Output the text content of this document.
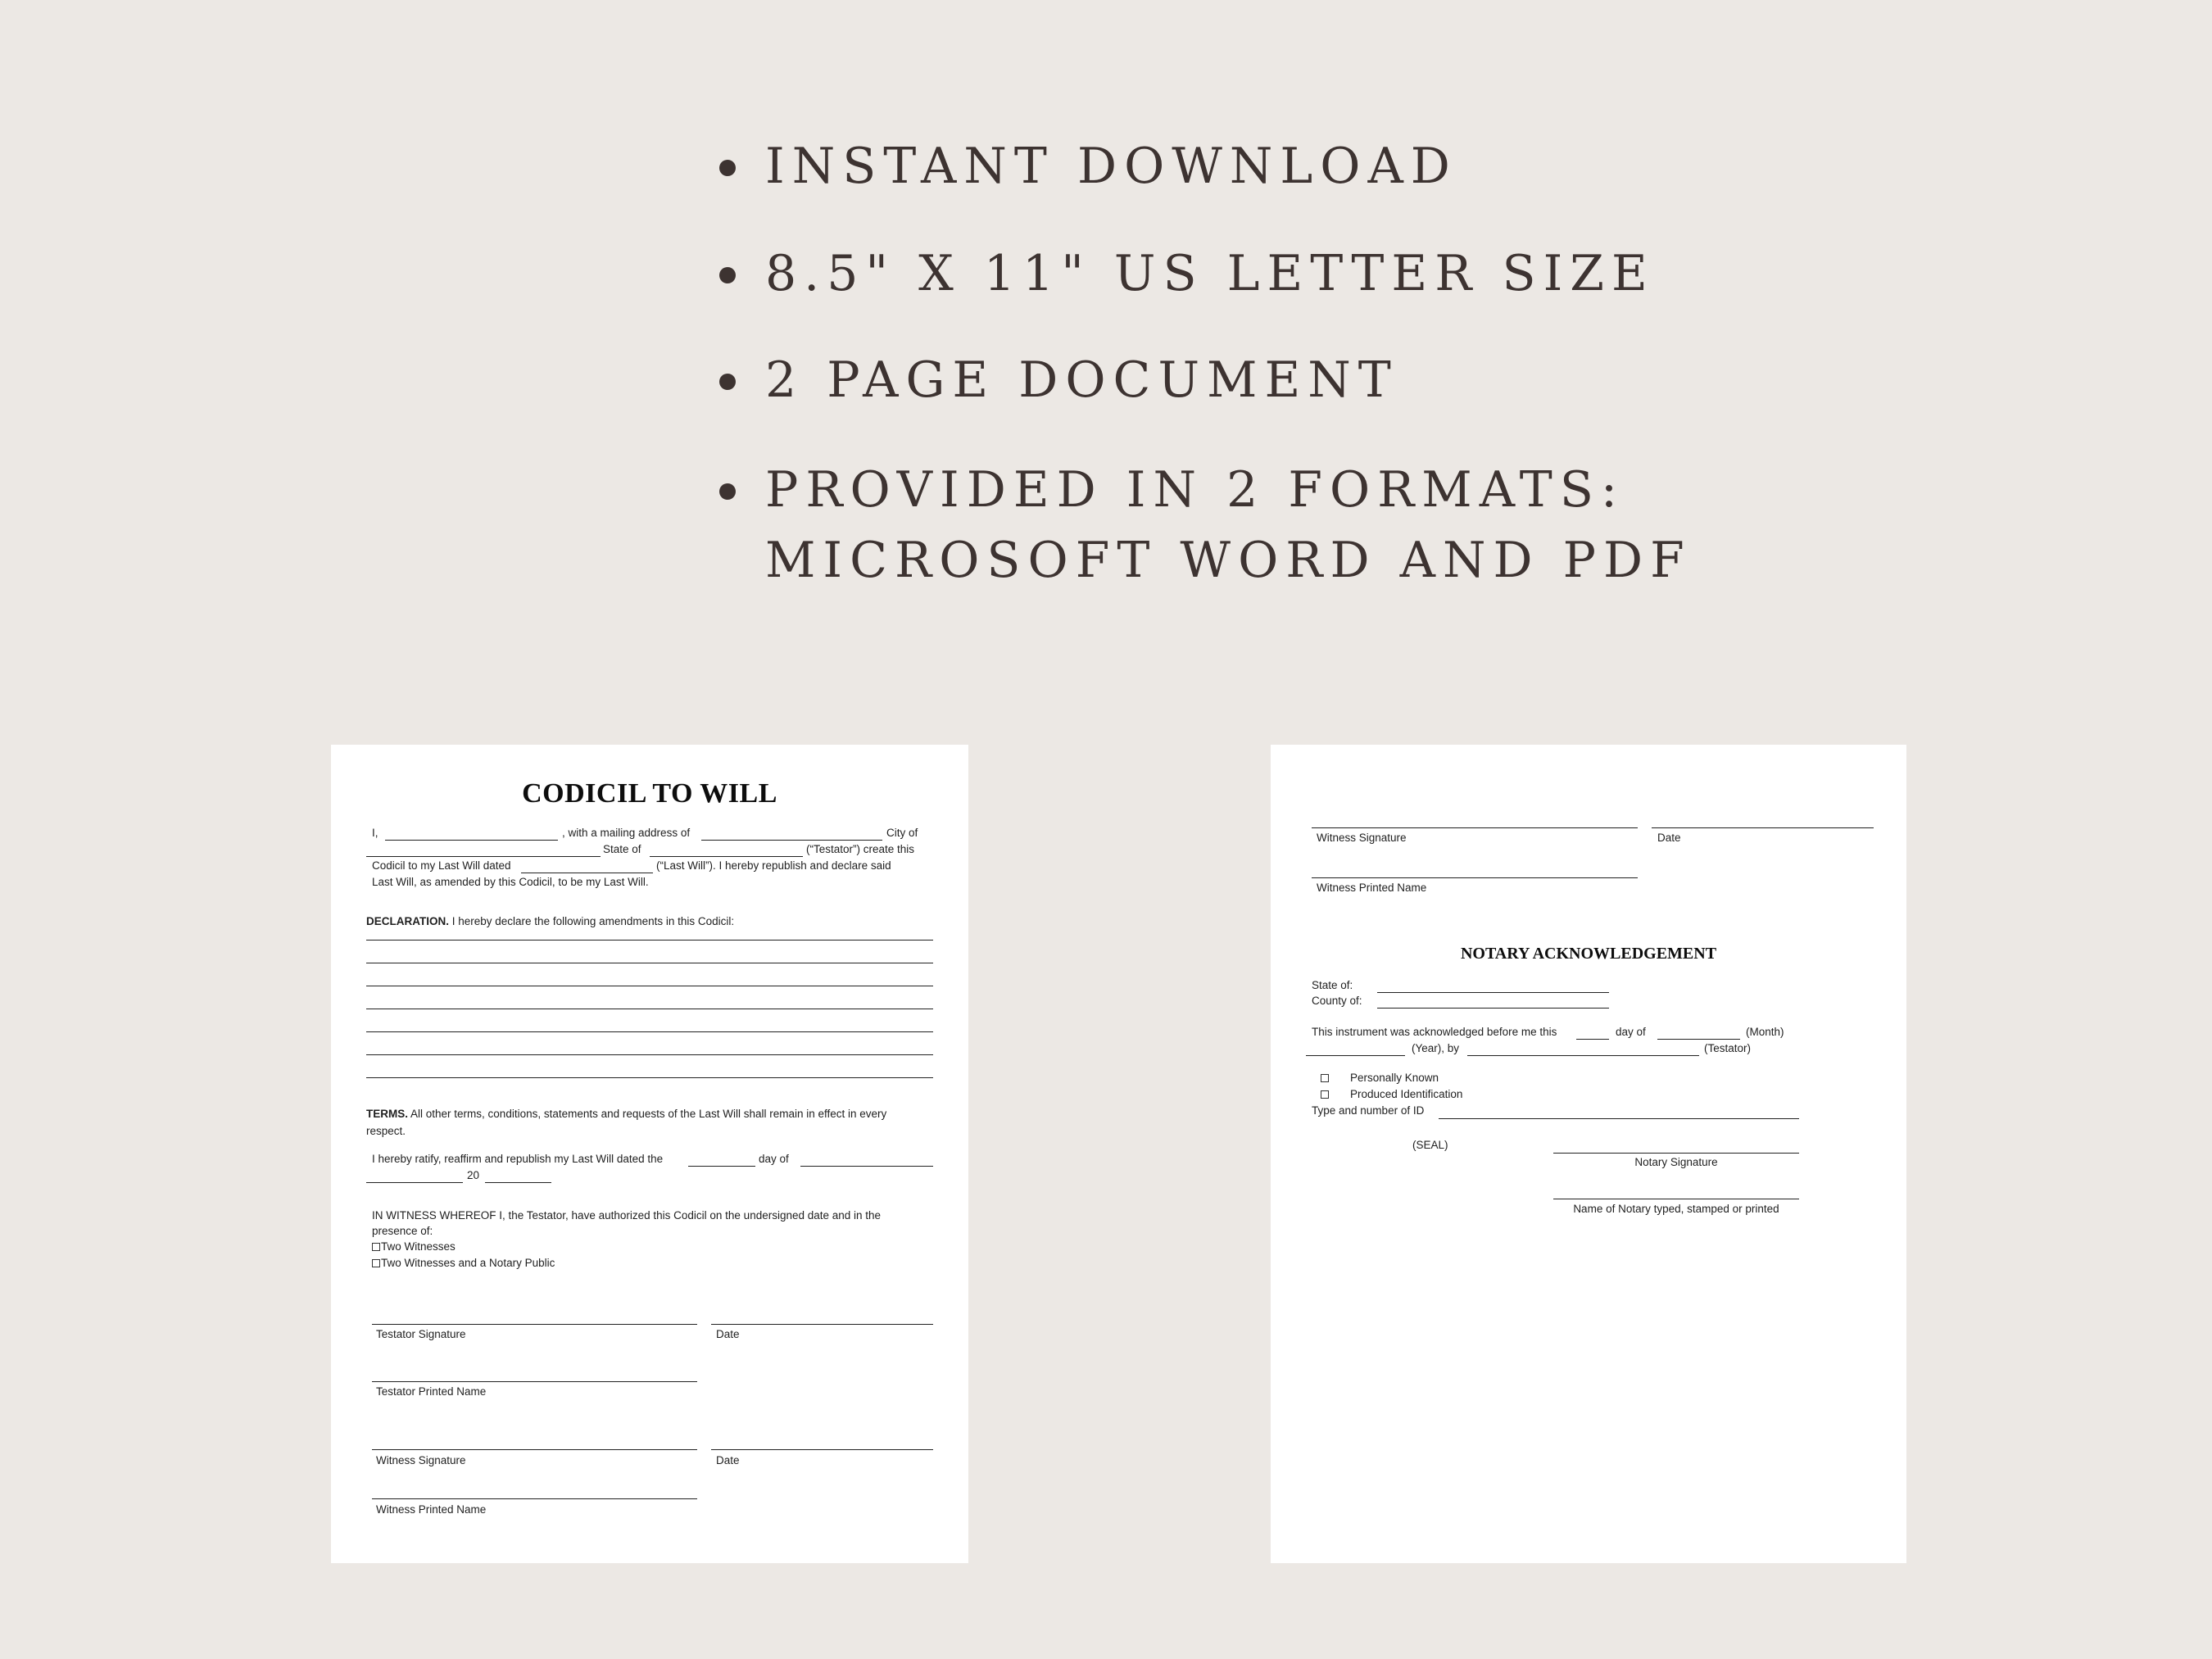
INSTANT DOWNLOAD
8.5" X 11" US LETTER SIZE
2 PAGE DOCUMENT
PROVIDED IN 2 FORMATS:
MICROSOFT WORD AND PDF
CODICIL TO WILL
I,	, with a mailing address of	City of
State of	(“Testator”) create this
Codicil to my Last Will dated	(“Last Will”). I hereby republish and declare said
Last Will, as amended by this Codicil, to be my Last Will.
DECLARATION. I hereby declare the following amendments in this Codicil:
TERMS. All other terms, conditions, statements and requests of the Last Will shall remain in effect in every
respect.
I hereby ratify, reaffirm and republish my Last Will dated the	day of
20
IN WITNESS WHEREOF I, the Testator, have authorized this Codicil on the undersigned date and in the
presence of:
Two Witnesses
Two Witnesses and a Notary Public
Testator Signature	Date
Testator Printed Name
Witness Signature	Date
Witness Printed Name
Witness Signature	Date
Witness Printed Name
NOTARY ACKNOWLEDGEMENT
State of:
County of:
This instrument was acknowledged before me this	day of	(Month)
(Year), by	(Testator)
Personally Known
Produced Identification
Type and number of ID
(SEAL)
Notary Signature
Name of Notary typed, stamped or printed
